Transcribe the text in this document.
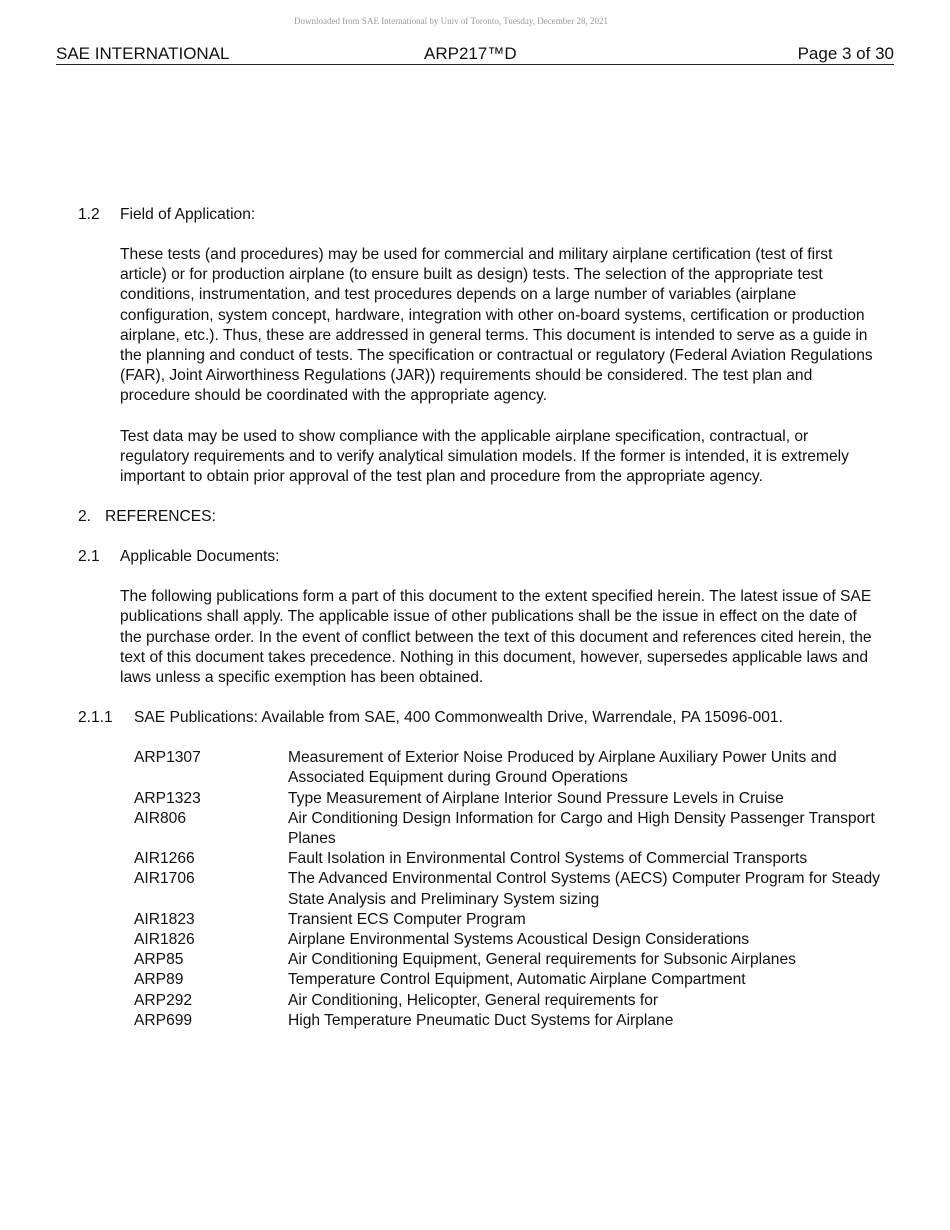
Downloaded from SAE International by Univ of Toronto, Tuesday, December 28, 2021
SAE INTERNATIONAL	ARP217™D	Page 3 of 30
1.2 Field of Application:
These tests (and procedures) may be used for commercial and military airplane certification (test of first article) or for production airplane (to ensure built as design) tests. The selection of the appropriate test conditions, instrumentation, and test procedures depends on a large number of variables (airplane configuration, system concept, hardware, integration with other on-board systems, certification or production airplane, etc.). Thus, these are addressed in general terms. This document is intended to serve as a guide in the planning and conduct of tests. The specification or contractual or regulatory (Federal Aviation Regulations (FAR), Joint Airworthiness Regulations (JAR)) requirements should be considered. The test plan and procedure should be coordinated with the appropriate agency.
Test data may be used to show compliance with the applicable airplane specification, contractual, or regulatory requirements and to verify analytical simulation models. If the former is intended, it is extremely important to obtain prior approval of the test plan and procedure from the appropriate agency.
2. REFERENCES:
2.1 Applicable Documents:
The following publications form a part of this document to the extent specified herein. The latest issue of SAE publications shall apply. The applicable issue of other publications shall be the issue in effect on the date of the purchase order. In the event of conflict between the text of this document and references cited herein, the text of this document takes precedence. Nothing in this document, however, supersedes applicable laws and laws unless a specific exemption has been obtained.
2.1.1 SAE Publications: Available from SAE, 400 Commonwealth Drive, Warrendale, PA 15096-001.
ARP1307	Measurement of Exterior Noise Produced by Airplane Auxiliary Power Units and Associated Equipment during Ground Operations
ARP1323	Type Measurement of Airplane Interior Sound Pressure Levels in Cruise
AIR806	Air Conditioning Design Information for Cargo and High Density Passenger Transport Planes
AIR1266	Fault Isolation in Environmental Control Systems of Commercial Transports
AIR1706	The Advanced Environmental Control Systems (AECS) Computer Program for Steady State Analysis and Preliminary System sizing
AIR1823	Transient ECS Computer Program
AIR1826	Airplane Environmental Systems Acoustical Design Considerations
ARP85	Air Conditioning Equipment, General requirements for Subsonic Airplanes
ARP89	Temperature Control Equipment, Automatic Airplane Compartment
ARP292	Air Conditioning, Helicopter, General requirements for
ARP699	High Temperature Pneumatic Duct Systems for Airplane
